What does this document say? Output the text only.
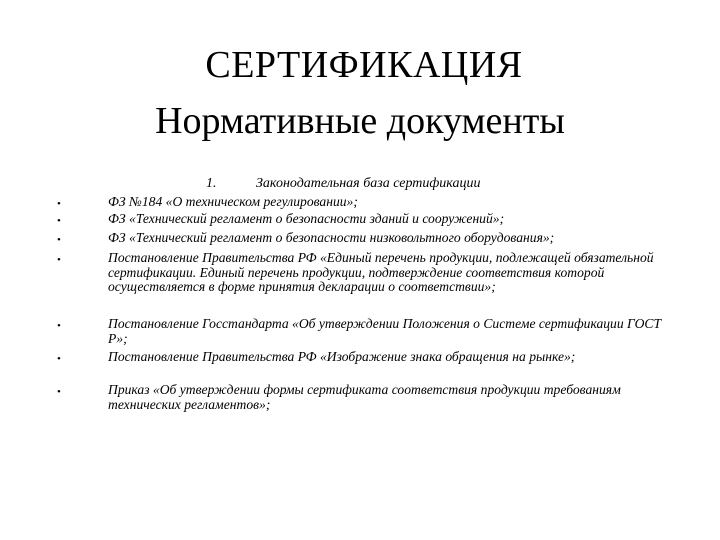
СЕРТИФИКАЦИЯ
Нормативные документы
1.	Законодательная база сертификации
•	ФЗ №184 «О техническом регулировании»;
•	ФЗ «Технический регламент о безопасности зданий и сооружений»;
•	ФЗ «Технический регламент о безопасности низковольтного оборудования»;
•	Постановление Правительства РФ «Единый перечень продукции, подлежащей обязательной сертификации. Единый перечень продукции, подтверждение соответствия которой осуществляется в форме принятия декларации о соответствии»;
•	Постановление Госстандарта «Об утверждении Положения о Системе сертификации ГОСТ Р»;
•	Постановление Правительства РФ «Изображение знака обращения на рынке»;
•	Приказ «Об утверждении формы сертификата соответствия продукции требованиям технических регламентов»;
